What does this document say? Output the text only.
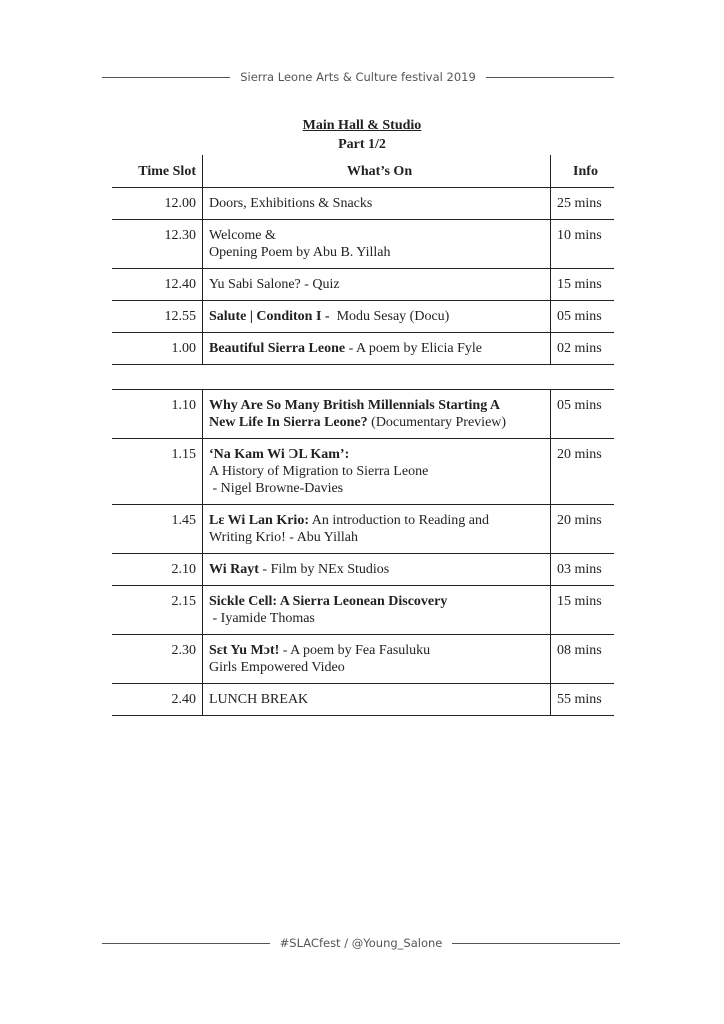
Sierra Leone Arts & Culture festival 2019
Main Hall & Studio
Part 1/2
Time Slot	What’s On	Info
12.00	Doors, Exhibitions & Snacks	25 mins
12.30	Welcome &
Opening Poem by Abu B. Yillah	10 mins
12.40	Yu Sabi Salone? - Quiz	15 mins
12.55	Salute | Conditon I -  Modu Sesay (Docu)	05 mins
1.00	Beautiful Sierra Leone - A poem by Elicia Fyle	02 mins
1.10	Why Are So Many British Millennials Starting A
New Life In Sierra Leone? (Documentary Preview)	05 mins
1.15	‘Na Kam Wi ƆL Kam’:
A History of Migration to Sierra Leone
- Nigel Browne-Davies	20 mins
1.45	Lɛ Wi Lan Krio: An introduction to Reading and
Writing Krio! - Abu Yillah	20 mins
2.10	Wi Rayt - Film by NEx Studios	03 mins
2.15	Sickle Cell: A Sierra Leonean Discovery
- Iyamide Thomas	15 mins
2.30	Sɛt Yu Mɔt! - A poem by Fea Fasuluku
Girls Empowered Video	08 mins
2.40	LUNCH BREAK	55 mins
#SLACfest / @Young_Salone
